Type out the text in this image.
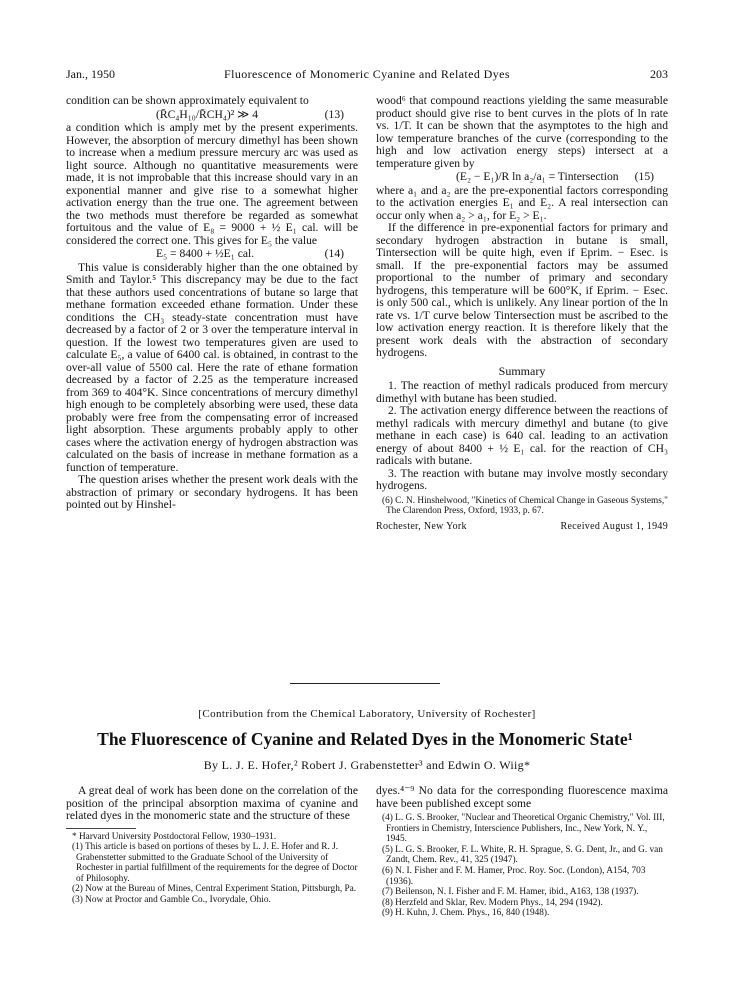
Jan., 1950	Fluorescence of Monomeric Cyanine and Related Dyes	203

condition can be shown approximately equivalent to

(R̄C₄H₁₀/R̄CH₄)² ≫ 4	(13)

a condition which is amply met by the present experiments. However, the absorption of mercury dimethyl has been shown to increase when a medium pressure mercury arc was used as light source. Although no quantitative measurements were made, it is not improbable that this increase should vary in an exponential manner and give rise to a somewhat higher activation energy than the true one. The agreement between the two methods must therefore be regarded as somewhat fortuitous and the value of E₈ = 9000 + ½ E₁ cal. will be considered the correct one. This gives for E₅ the value

E₅ = 8400 + ½E₁ cal.	(14)

This value is considerably higher than the one obtained by Smith and Taylor.⁵ This discrepancy may be due to the fact that these authors used concentrations of butane so large that methane formation exceeded ethane formation. Under these conditions the CH₃ steady-state concentration must have decreased by a factor of 2 or 3 over the temperature interval in question. If the lowest two temperatures given are used to calculate E₅, a value of 6400 cal. is obtained, in contrast to the over-all value of 5500 cal. Here the rate of ethane formation decreased by a factor of 2.25 as the temperature increased from 369 to 404°K. Since concentrations of mercury dimethyl high enough to be completely absorbing were used, these data probably were free from the compensating error of increased light absorption. These arguments probably apply to other cases where the activation energy of hydrogen abstraction was calculated on the basis of increase in methane formation as a function of temperature.

The question arises whether the present work deals with the abstraction of primary or secondary hydrogens. It has been pointed out by Hinshel-

wood⁶ that compound reactions yielding the same measurable product should give rise to bent curves in the plots of ln rate vs. 1/T. It can be shown that the asymptotes to the high and low temperature branches of the curve (corresponding to the high and low activation energy steps) intersect at a temperature given by

(E₂ − E₁)/R ln a₂/a₁ = Tintersection (15)

where a₁ and a₂ are the pre-exponential factors corresponding to the activation energies E₁ and E₂. A real intersection can occur only when a₂ > a₁, for E₂ > E₁.

If the difference in pre-exponential factors for primary and secondary hydrogen abstraction in butane is small, Tintersection will be quite high, even if Eprim. − Esec. is small. If the pre-exponential factors may be assumed proportional to the number of primary and secondary hydrogens, this temperature will be 600°K, if Eprim. − Esec. is only 500 cal., which is unlikely. Any linear portion of the ln rate vs. 1/T curve below Tintersection must be ascribed to the low activation energy reaction. It is therefore likely that the present work deals with the abstraction of secondary hydrogens.

Summary

1. The reaction of methyl radicals produced from mercury dimethyl with butane has been studied.

2. The activation energy difference between the reactions of methyl radicals with mercury dimethyl and butane (to give methane in each case) is 640 cal. leading to an activation energy of about 8400 + ½ E₁ cal. for the reaction of CH₃ radicals with butane.

3. The reaction with butane may involve mostly secondary hydrogens.

(6) C. N. Hinshelwood, "Kinetics of Chemical Change in Gaseous Systems," The Clarendon Press, Oxford, 1933, p. 67.

Rochester, New York	Received August 1, 1949
[Contribution from the Chemical Laboratory, University of Rochester]
The Fluorescence of Cyanine and Related Dyes in the Monomeric State¹
By L. J. E. Hofer,² Robert J. Grabenstetter³ and Edwin O. Wiig*

A great deal of work has been done on the correlation of the position of the principal absorption maxima of cyanine and related dyes in the monomeric state and the structure of these

* Harvard University Postdoctoral Fellow, 1930–1931.

(1) This article is based on portions of theses by L. J. E. Hofer and R. J. Grabenstetter submitted to the Graduate School of the University of Rochester in partial fulfillment of the requirements for the degree of Doctor of Philosophy.

(2) Now at the Bureau of Mines, Central Experiment Station, Pittsburgh, Pa.

(3) Now at Proctor and Gamble Co., Ivorydale, Ohio.

dyes.⁴⁻⁹ No data for the corresponding fluorescence maxima have been published except some

(4) L. G. S. Brooker, "Nuclear and Theoretical Organic Chemistry," Vol. III, Frontiers in Chemistry, Interscience Publishers, Inc., New York, N. Y., 1945.

(5) L. G. S. Brooker, F. L. White, R. H. Sprague, S. G. Dent, Jr., and G. van Zandt, Chem. Rev., 41, 325 (1947).

(6) N. I. Fisher and F. M. Hamer, Proc. Roy. Soc. (London), A154, 703 (1936).

(7) Beilenson, N. I. Fisher and F. M. Hamer, ibid., A163, 138 (1937).

(8) Herzfeld and Sklar, Rev. Modern Phys., 14, 294 (1942).

(9) H. Kuhn, J. Chem. Phys., 16, 840 (1948).
